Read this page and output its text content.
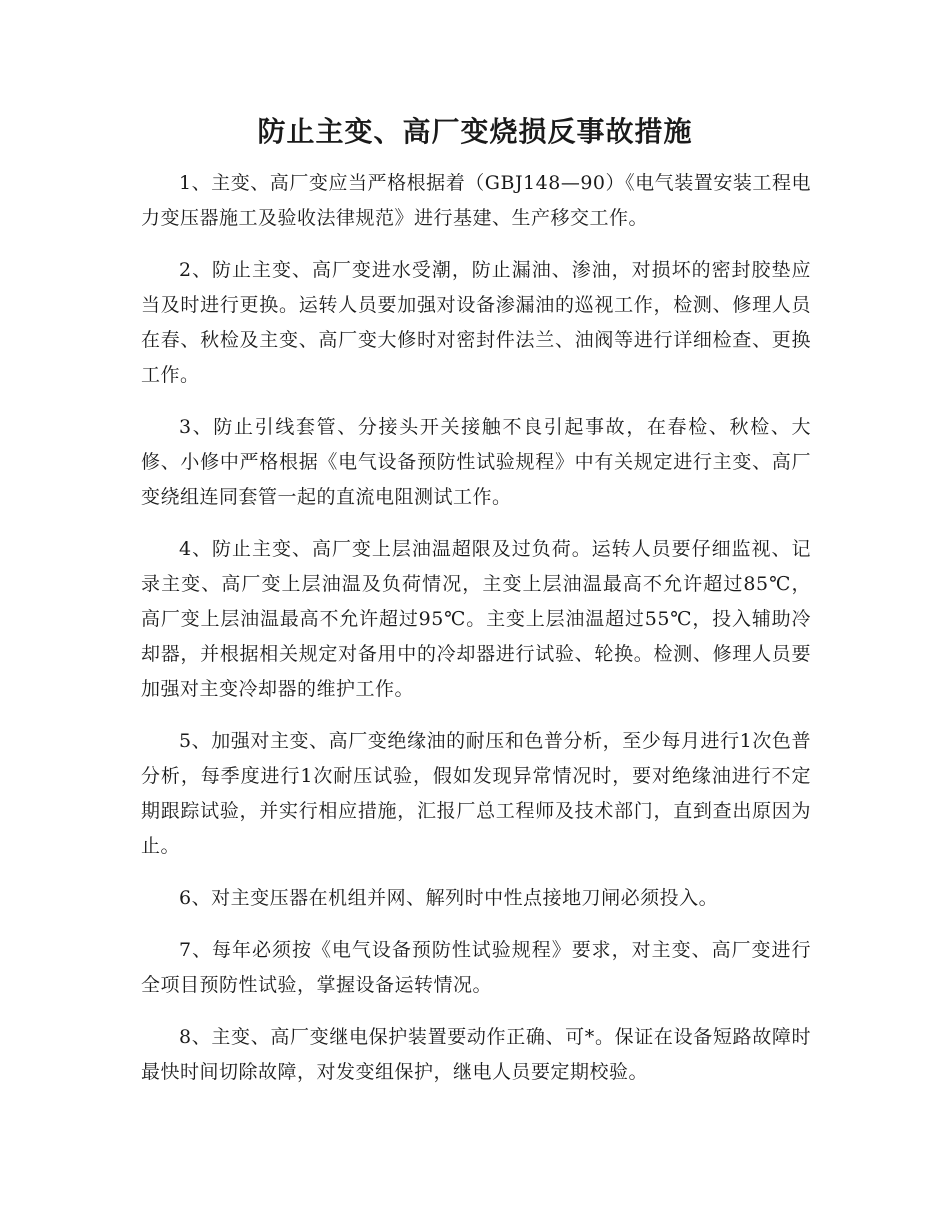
防止主变、高厂变烧损反事故措施

1、主变、高厂变应当严格根据着（GBJ148—90）《电气装置安装工程电力变压器施工及验收法律规范》进行基建、生产移交工作。

2、防止主变、高厂变进水受潮，防止漏油、渗油，对损坏的密封胶垫应当及时进行更换。运转人员要加强对设备渗漏油的巡视工作，检测、修理人员在春、秋检及主变、高厂变大修时对密封件法兰、油阀等进行详细检查、更换工作。

3、防止引线套管、分接头开关接触不良引起事故，在春检、秋检、大修、小修中严格根据《电气设备预防性试验规程》中有关规定进行主变、高厂变绕组连同套管一起的直流电阻测试工作。

4、防止主变、高厂变上层油温超限及过负荷。运转人员要仔细监视、记录主变、高厂变上层油温及负荷情况，主变上层油温最高不允许超过85℃，高厂变上层油温最高不允许超过95℃。主变上层油温超过55℃，投入辅助冷却器，并根据相关规定对备用中的冷却器进行试验、轮换。检测、修理人员要加强对主变冷却器的维护工作。

5、加强对主变、高厂变绝缘油的耐压和色普分析，至少每月进行1次色普分析，每季度进行1次耐压试验，假如发现异常情况时，要对绝缘油进行不定期跟踪试验，并实行相应措施，汇报厂总工程师及技术部门，直到查出原因为止。

6、对主变压器在机组并网、解列时中性点接地刀闸必须投入。

7、每年必须按《电气设备预防性试验规程》要求，对主变、高厂变进行全项目预防性试验，掌握设备运转情况。

8、主变、高厂变继电保护装置要动作正确、可*。保证在设备短路故障时最快时间切除故障，对发变组保护，继电人员要定期校验。
